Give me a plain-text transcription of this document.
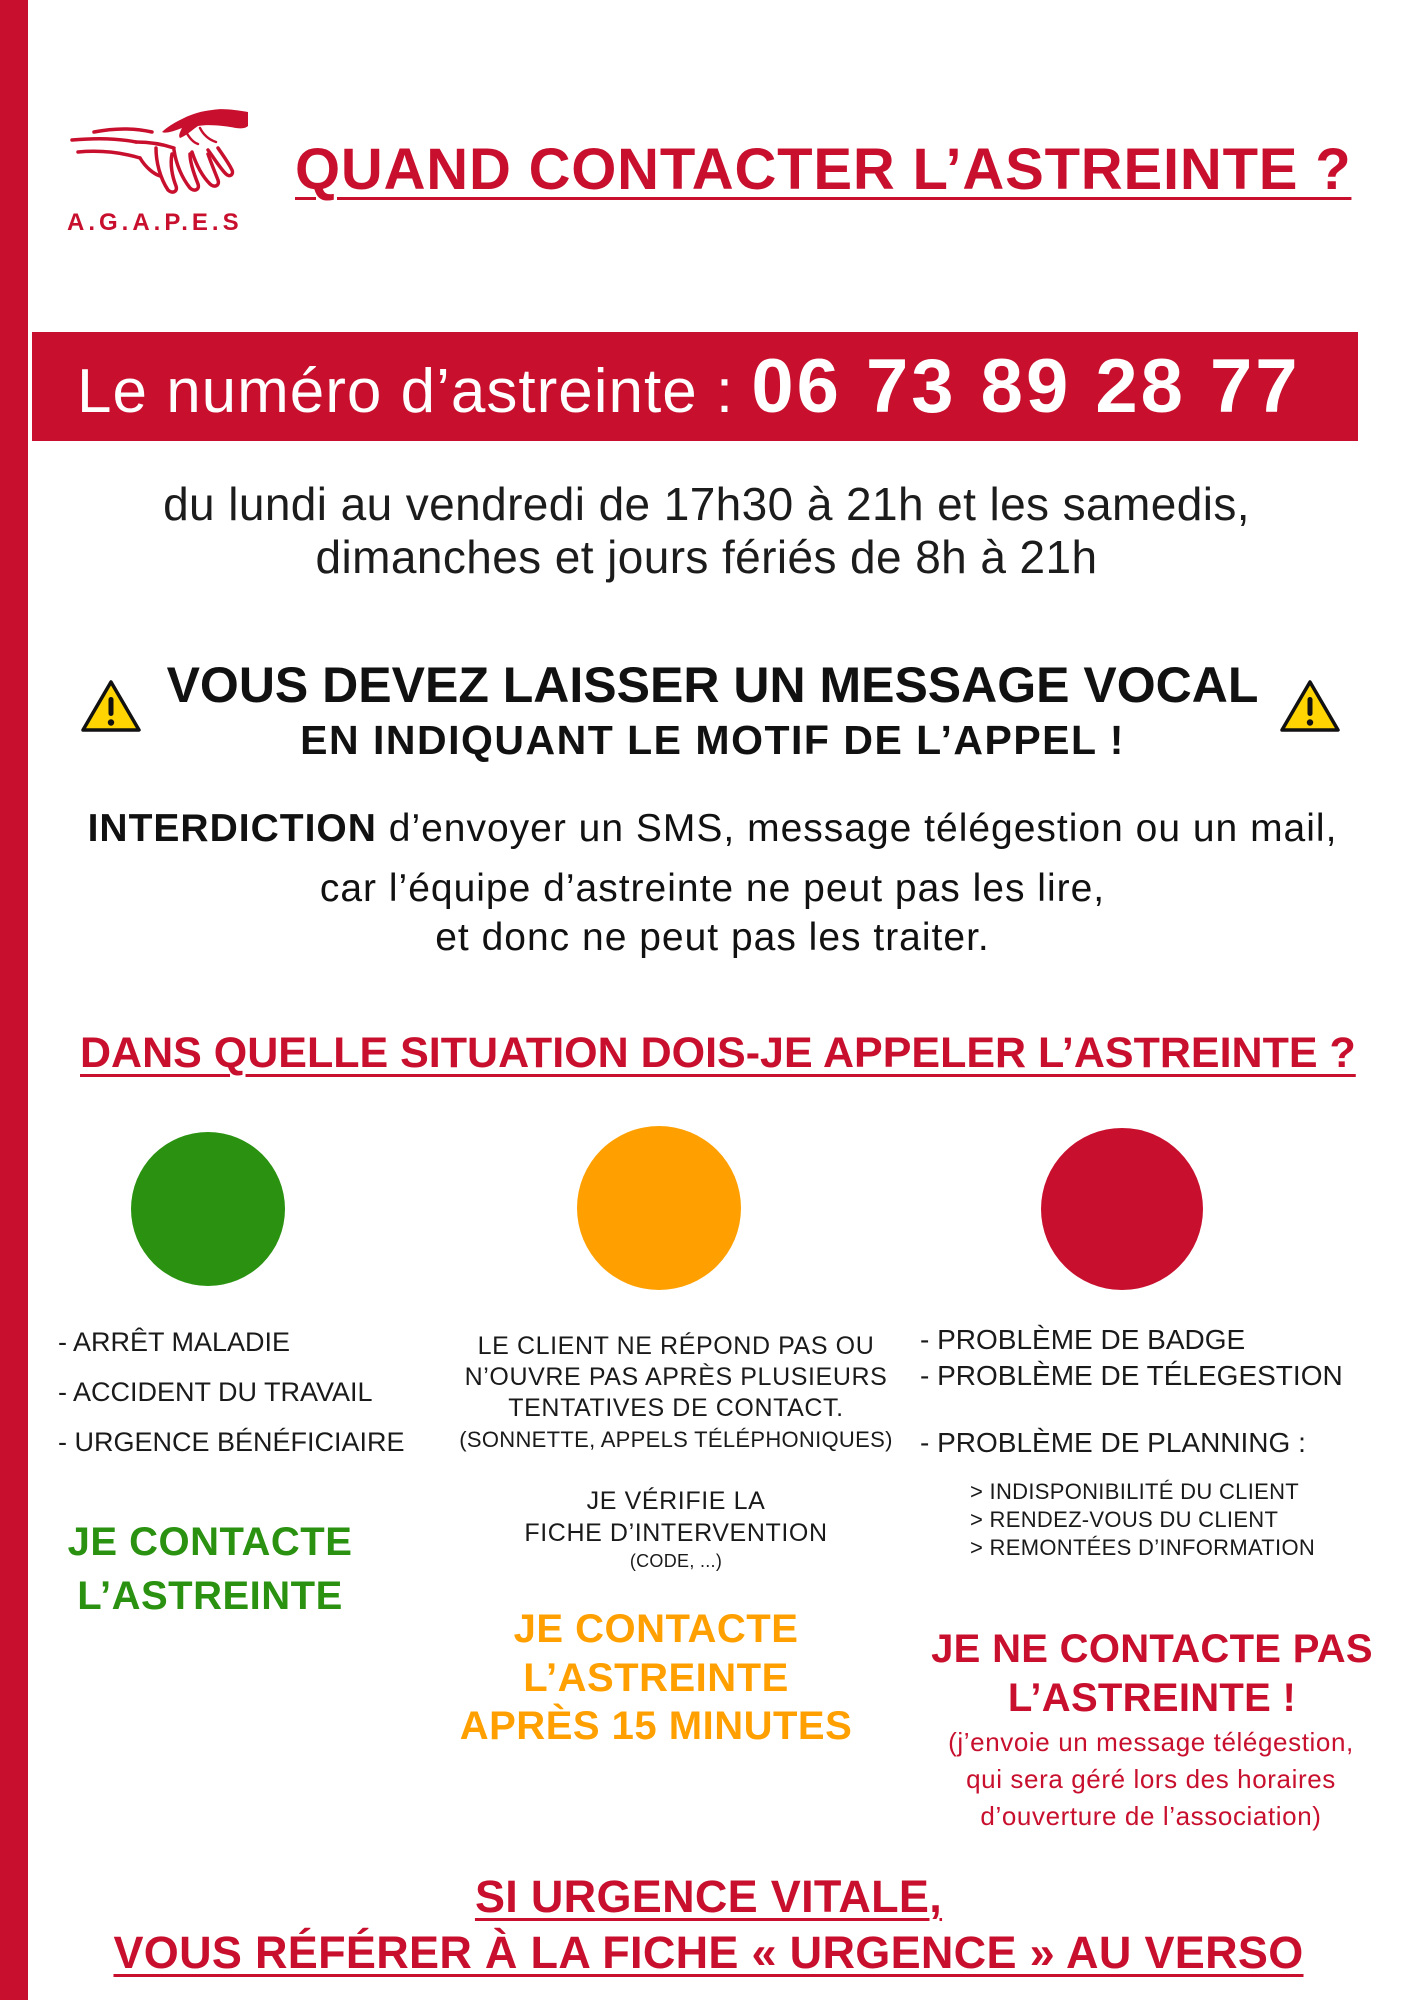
A.G.A.P.E.S
QUAND CONTACTER L’ASTREINTE ?
Le numéro d’astreinte : 06 73 89 28 77
du lundi au vendredi de 17h30 à 21h et les samedis,
dimanches et jours fériés de 8h à 21h
VOUS DEVEZ LAISSER UN MESSAGE VOCAL
EN INDIQUANT LE MOTIF DE L’APPEL !
INTERDICTION d’envoyer un SMS, message télégestion ou un mail,
car l’équipe d’astreinte ne peut pas les lire,
et donc ne peut pas les traiter.
DANS QUELLE SITUATION DOIS-JE APPELER L’ASTREINTE ?
- ARRÊT MALADIE
- ACCIDENT DU TRAVAIL
- URGENCE BÉNÉFICIAIRE
JE CONTACTE
L’ASTREINTE
LE CLIENT NE RÉPOND PAS OU
N’OUVRE PAS APRÈS PLUSIEURS
TENTATIVES DE CONTACT.
(SONNETTE, APPELS TÉLÉPHONIQUES)
JE VÉRIFIE LA
FICHE D’INTERVENTION
(CODE, ...)
JE CONTACTE
L’ASTREINTE
APRÈS 15 MINUTES
- PROBLÈME DE BADGE
- PROBLÈME DE TÉLEGESTION
- PROBLÈME DE PLANNING :
> INDISPONIBILITÉ DU CLIENT
> RENDEZ-VOUS DU CLIENT
> REMONTÉES D’INFORMATION
JE NE CONTACTE PAS
L’ASTREINTE !
(j’envoie un message télégestion,
qui sera géré lors des horaires
d’ouverture de l’association)
SI URGENCE VITALE,
VOUS RÉFÉRER À LA FICHE « URGENCE » AU VERSO
